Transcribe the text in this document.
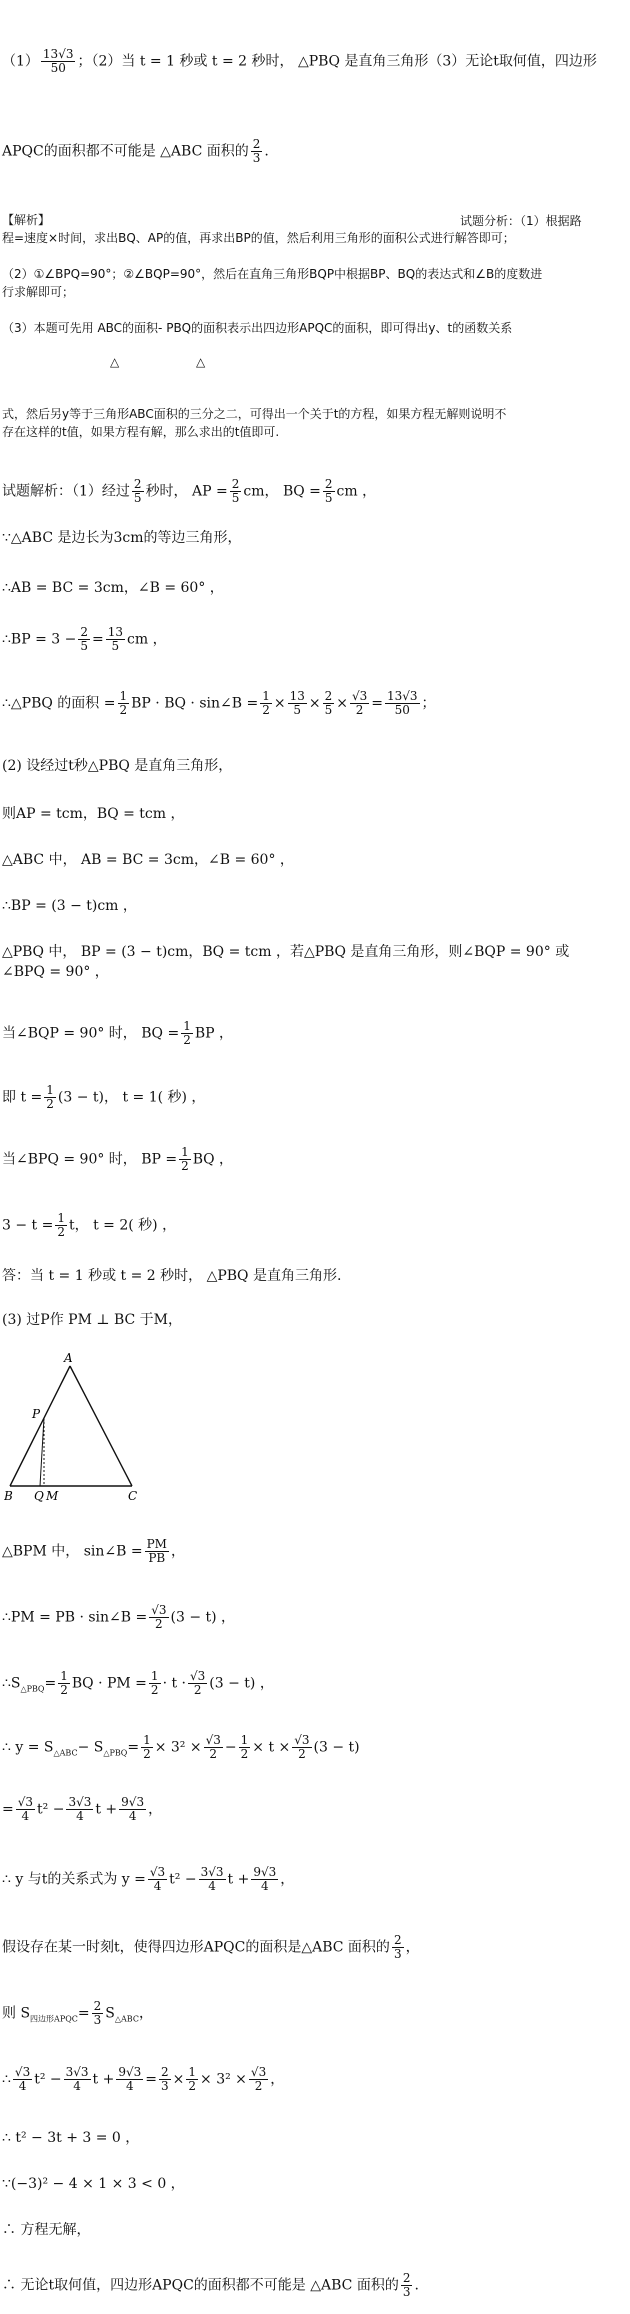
$(1) \frac{13√3}{50}$ ；（2）当 t = 1 秒或 t = 2 秒时， △PBQ 是直角三角形（3）无论t取何值，四边形
APQC的面积都不可能是 △ABC 面积的 $\frac{2}{3}$ .
【解析】	试题分析：（1）根据路
程=速度×时间，求出BQ、AP的值，再求出BP的值，然后利用三角形的面积公式进行解答即可；
（2）①∠BPQ=90°；②∠BQP=90°，然后在直角三角形BQP中根据BP、BQ的表达式和∠B的度数进
行求解即可；
（3）本题可先用 ABC的面积- PBQ的面积表示出四边形APQC的面积，即可得出y、t的函数关系
△	△
式，然后另y等于三角形ABC面积的三分之二，可得出一个关于t的方程，如果方程无解则说明不
存在这样的t值，如果方程有解，那么求出的t值即可.
试题解析：（1）经过 $\frac{2}{5}$ 秒时， AP = $\frac{2}{5}$ cm， BQ = $\frac{2}{5}$ cm ，
∵△ABC 是边长为3cm的等边三角形，
∴AB = BC = 3cm，∠B = 60° ，
∴BP = $3 - \frac{2}{5} = \frac{13}{5}$ cm ，
∴△PBQ 的面积 = $\frac{1}{2}$ BP · BQ · sin∠B = $\frac{1}{2} \times \frac{13}{5} \times \frac{2}{5} \times \frac{√3}{2} = \frac{13√3}{50}$ ；
(2) 设经过t秒△PBQ 是直角三角形，
则AP = tcm，BQ = tcm ，
△ABC 中， AB = BC = 3cm，∠B = 60° ，
∴BP = (3 − t)cm ，
△PBQ 中， BP = (3 − t)cm，BQ = tcm ，若△PBQ 是直角三角形，则∠BQP = 90° 或
∠BPQ = 90° ，
当∠BQP = 90° 时， BQ = $\frac{1}{2}$ BP ，
即 $t = \frac{1}{2} (3 - t)$， t = 1( 秒) ，
当∠BPQ = 90° 时， BP = $\frac{1}{2}$ BQ ，
$3 - t = \frac{1}{2}$ t， t = 2( 秒) ，
答：当 t = 1 秒或 t = 2 秒时， △PBQ 是直角三角形.
(3) 过P作 PM ⊥ BC 于M，
A
P
B Q M	C
△BPM 中， sin∠B = $\frac{PM}{PB}$ ，
∴PM = PB · sin∠B = $\frac{√3}{2} (3 - t)$ ，
$\therefore S_{\triangle PBQ}= \frac{1}{2}$ BQ · PM = $\frac{1}{2} \cdot t \cdot \frac{√3}{2} (3 - t)$ ，
∴ $y = S_{\triangle ABC}- S_{\triangle PBQ}= \frac{1}{2} \times 3^2 \times \frac{√3}{2} - \frac{1}{2} \times t \times \frac{√3}{2} (3 - t)$
= $\frac{√3}{4} t^2 - \frac{3√3}{4}$ $t + \frac{9√3}{4}$ ，
∴ y 与t的关系式为 $y = \frac{√3}{4} t^2 - \frac{3√3}{4}$ $t + \frac{9√3}{4}$ ，
假设存在某一时刻t，使得四边形APQC的面积是△ABC 面积的 $\frac{2}{3}$ ，
则 $S_{四边形APQC}= \frac{2}{3} S_{\triangle ABC}$，
∴ $\frac{√3}{4} t^2 - \frac{3√3}{4}$ $t + \frac{9√3}{4} = \frac{2}{3} \times \frac{1}{2} \times 3^2 \times \frac{√3}{2}$ ，
∴ t² − 3t + 3 = 0 ，
∵(−3)² − 4 × 1 × 3 < 0 ，
∴ 方程无解，
∴ 无论t取何值，四边形APQC的面积都不可能是 △ABC 面积的 $\frac{2}{3}$ .
